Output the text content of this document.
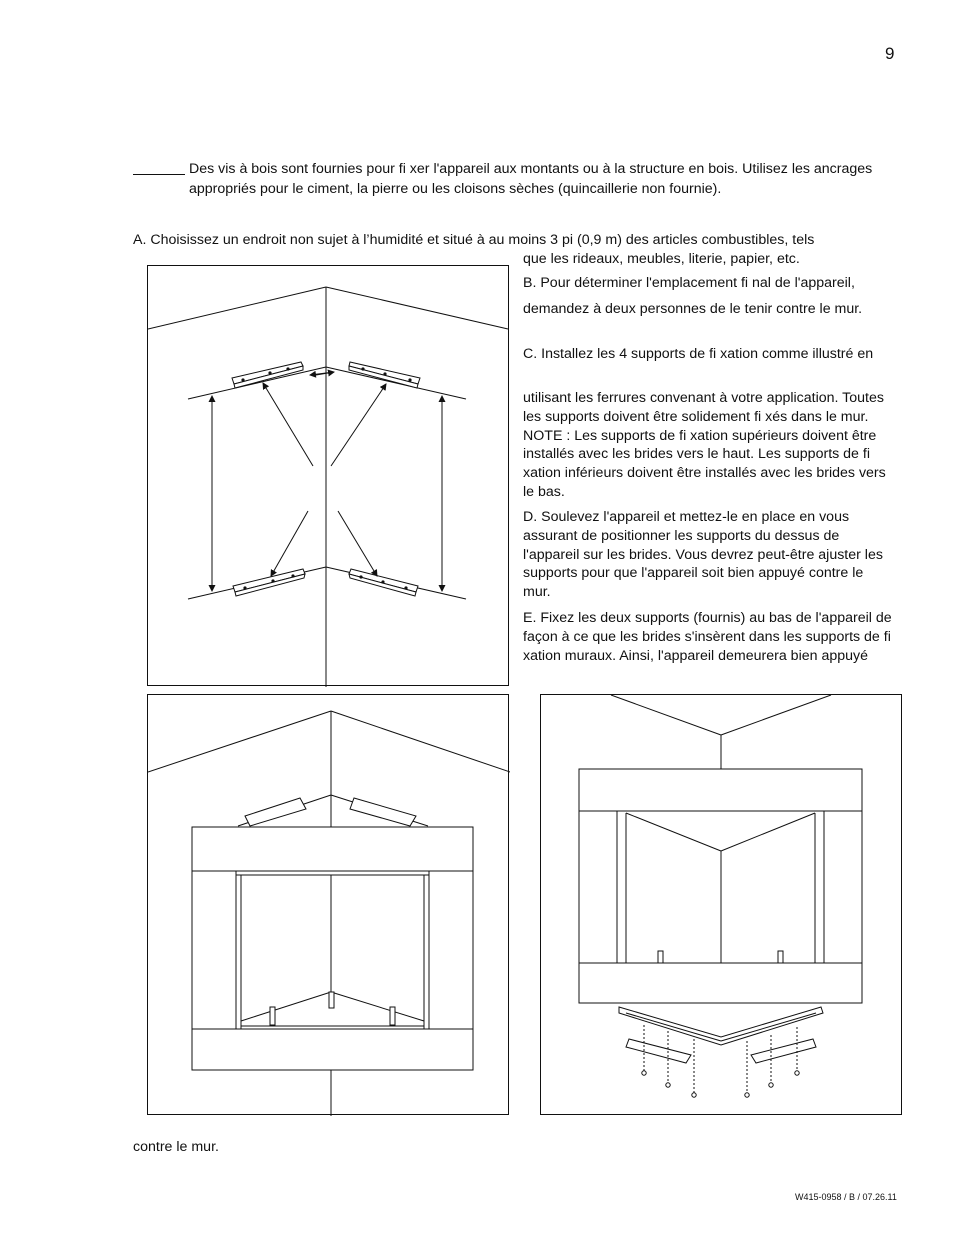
9
Des vis à bois sont fournies pour fi xer l'appareil aux montants ou à la structure en bois. Utilisez les ancrages appropriés pour le ciment, la pierre ou les cloisons sèches (quincaillerie non fournie).
A. Choisissez un endroit non sujet à l’humidité et situé à au moins 3 pi (0,9 m) des articles combustibles, tels
que les rideaux, meubles, literie, papier, etc.
B. Pour déterminer l'emplacement fi nal de l'appareil,
demandez à deux personnes de le tenir contre le mur.
C. Installez les 4 supports de fi xation comme illustré en
utilisant les ferrures convenant à votre application. Toutes les supports doivent être solidement fi xés dans le mur. NOTE : Les supports de fi xation supérieurs doivent être installés avec les brides vers le haut. Les supports de fi xation inférieurs doivent être installés avec les brides vers le bas.
D. Soulevez l'appareil et mettez-le en place en vous assurant de positionner les supports du dessus de l'appareil sur les brides. Vous devrez peut-être ajuster les supports pour que l'appareil soit bien appuyé contre le mur.
E. Fixez les deux supports (fournis) au bas de l'appareil de façon à ce que les brides s'insèrent dans les supports de fi xation muraux. Ainsi, l'appareil demeurera bien appuyé
contre le mur.
W415-0958 / B / 07.26.11
